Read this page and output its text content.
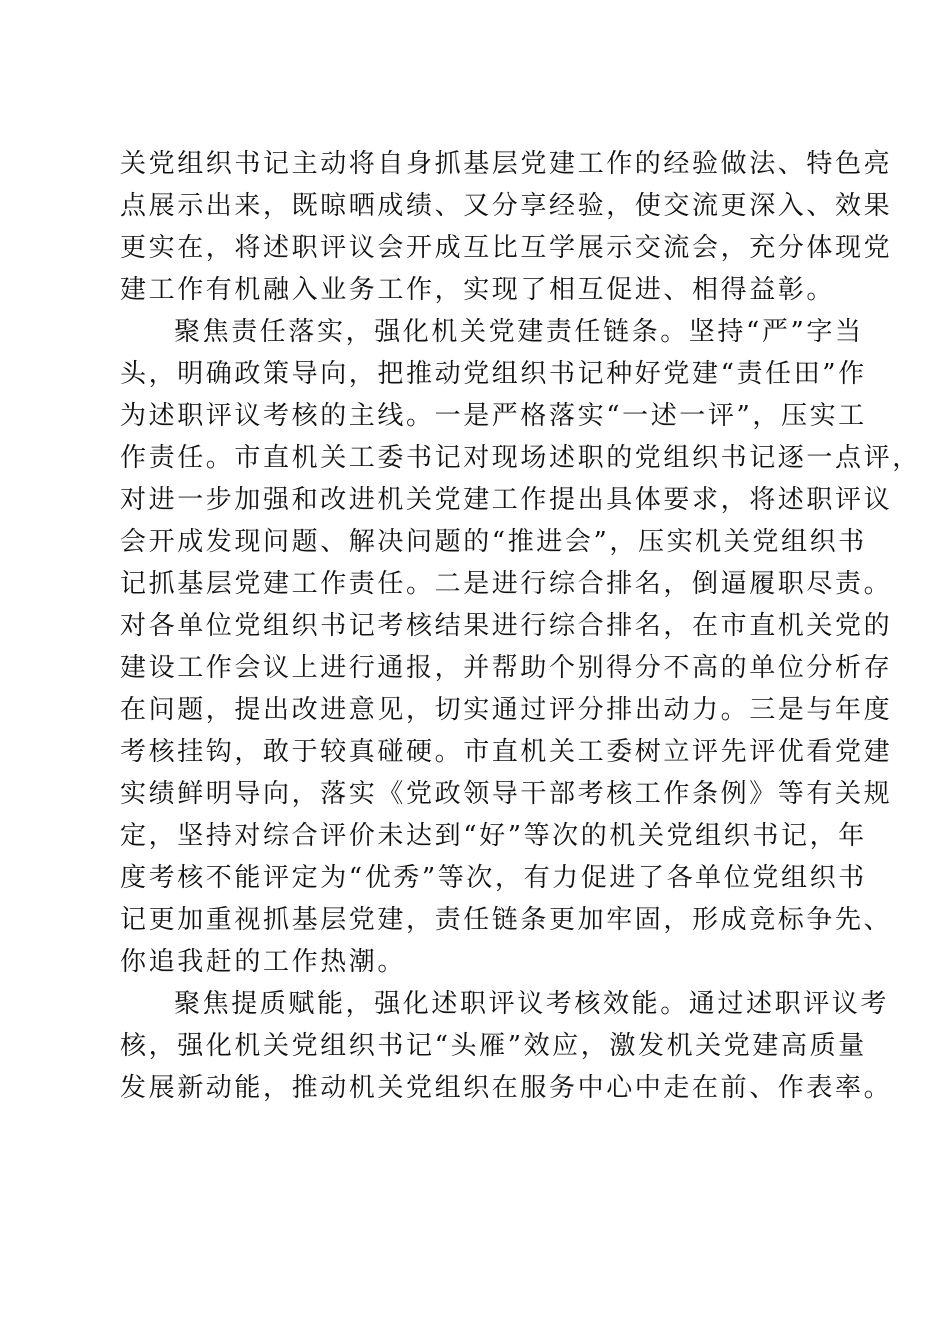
关党组织书记主动将自身抓基层党建工作的经验做法、特色亮
点展示出来，既晾晒成绩、又分享经验，使交流更深入、效果
更实在，将述职评议会开成互比互学展示交流会，充分体现党
建工作有机融入业务工作，实现了相互促进、相得益彰。
聚焦责任落实，强化机关党建责任链条。坚持“严”字当
头，明确政策导向，把推动党组织书记种好党建“责任田”作
为述职评议考核的主线。一是严格落实“一述一评”，压实工
作责任。市直机关工委书记对现场述职的党组织书记逐一点评，
对进一步加强和改进机关党建工作提出具体要求，将述职评议
会开成发现问题、解决问题的“推进会”，压实机关党组织书
记抓基层党建工作责任。二是进行综合排名，倒逼履职尽责。
对各单位党组织书记考核结果进行综合排名，在市直机关党的
建设工作会议上进行通报，并帮助个别得分不高的单位分析存
在问题，提出改进意见，切实通过评分排出动力。三是与年度
考核挂钩，敢于较真碰硬。市直机关工委树立评先评优看党建
实绩鲜明导向，落实《党政领导干部考核工作条例》等有关规
定，坚持对综合评价未达到“好”等次的机关党组织书记，年
度考核不能评定为“优秀”等次，有力促进了各单位党组织书
记更加重视抓基层党建，责任链条更加牢固，形成竞标争先、
你追我赶的工作热潮。
聚焦提质赋能，强化述职评议考核效能。通过述职评议考
核，强化机关党组织书记“头雁”效应，激发机关党建高质量
发展新动能，推动机关党组织在服务中心中走在前、作表率。
